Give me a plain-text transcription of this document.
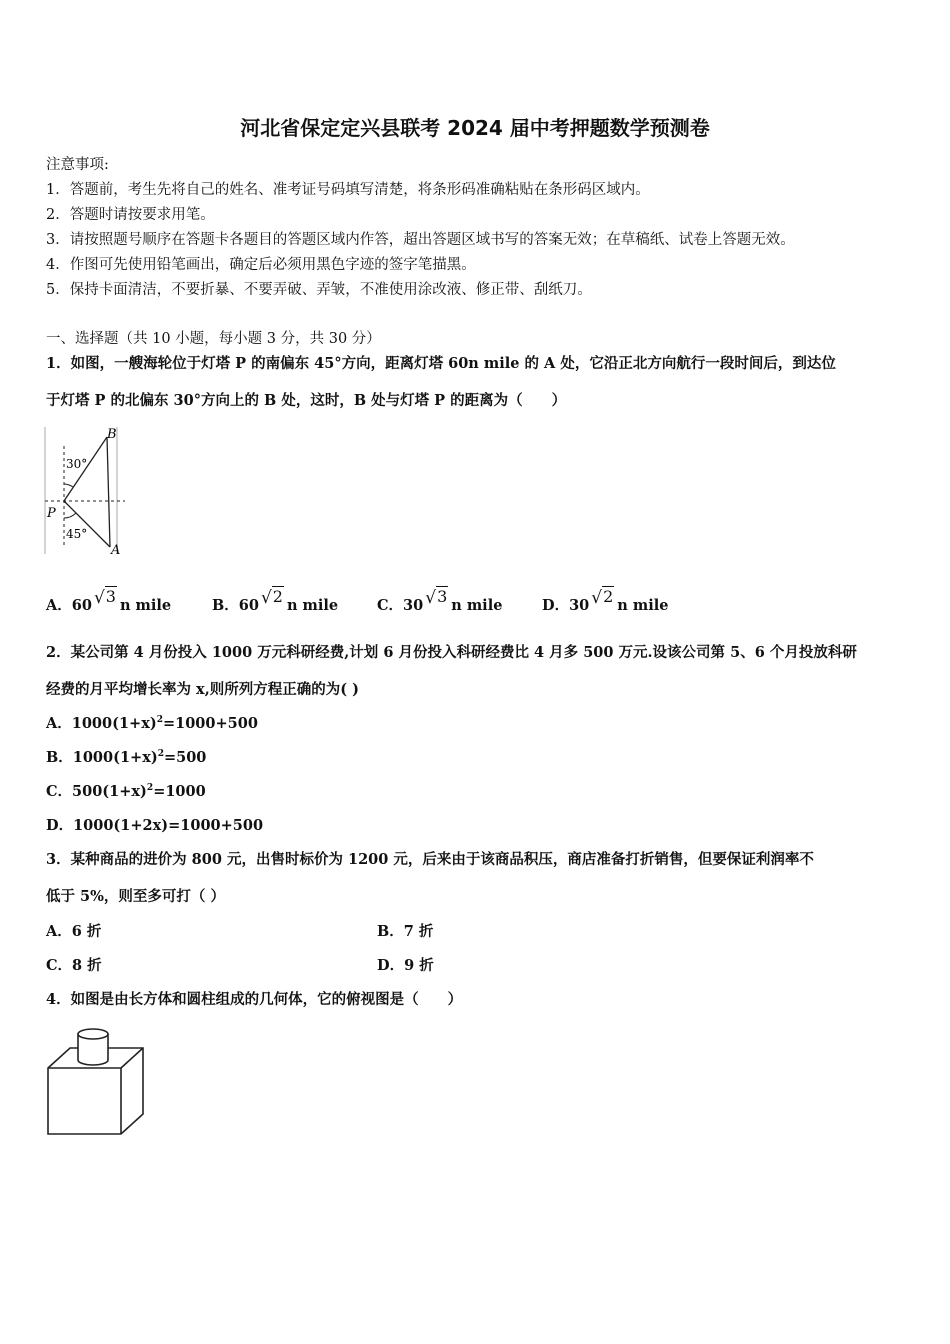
河北省保定定兴县联考 2024 届中考押题数学预测卷
注意事项:
1．答题前，考生先将自己的姓名、准考证号码填写清楚，将条形码准确粘贴在条形码区域内。
2．答题时请按要求用笔。
3．请按照题号顺序在答题卡各题目的答题区域内作答，超出答题区域书写的答案无效；在草稿纸、试卷上答题无效。
4．作图可先使用铅笔画出，确定后必须用黑色字迹的签字笔描黑。
5．保持卡面清洁，不要折暴、不要弄破、弄皱，不准使用涂改液、修正带、刮纸刀。
一、选择题（共 10 小题，每小题 3 分，共 30 分）
1．如图，一艘海轮位于灯塔 P 的南偏东 45°方向，距离灯塔 60n mile 的 A 处，它沿正北方向航行一段时间后，到达位
于灯塔 P 的北偏东 30°方向上的 B 处，这时，B 处与灯塔 P 的距离为（　　）
B
P
A
30°
45°
A．60 √3 n mile	B．60 √2 n mile	C．30 √3 n mile	D．30 √2 n mile
2．某公司第 4 月份投入 1000 万元科研经费,计划 6 月份投入科研经费比 4 月多 500 万元.设该公司第 5、6 个月投放科研
经费的月平均增长率为 x,则所列方程正确的为( )
A．$1000(1+x)^2=1000+500$
B．$1000(1+x)^2=500$
C．$500(1+x)^2=1000$
D．1000(1+2x)=1000+500
3．某种商品的进价为 800 元，出售时标价为 1200 元，后来由于该商品积压，商店准备打折销售，但要保证利润率不
低于 5%，则至多可打（ ）
A．6 折	B．7 折
C．8 折	D．9 折
4．如图是由长方体和圆柱组成的几何体，它的俯视图是（　　）
